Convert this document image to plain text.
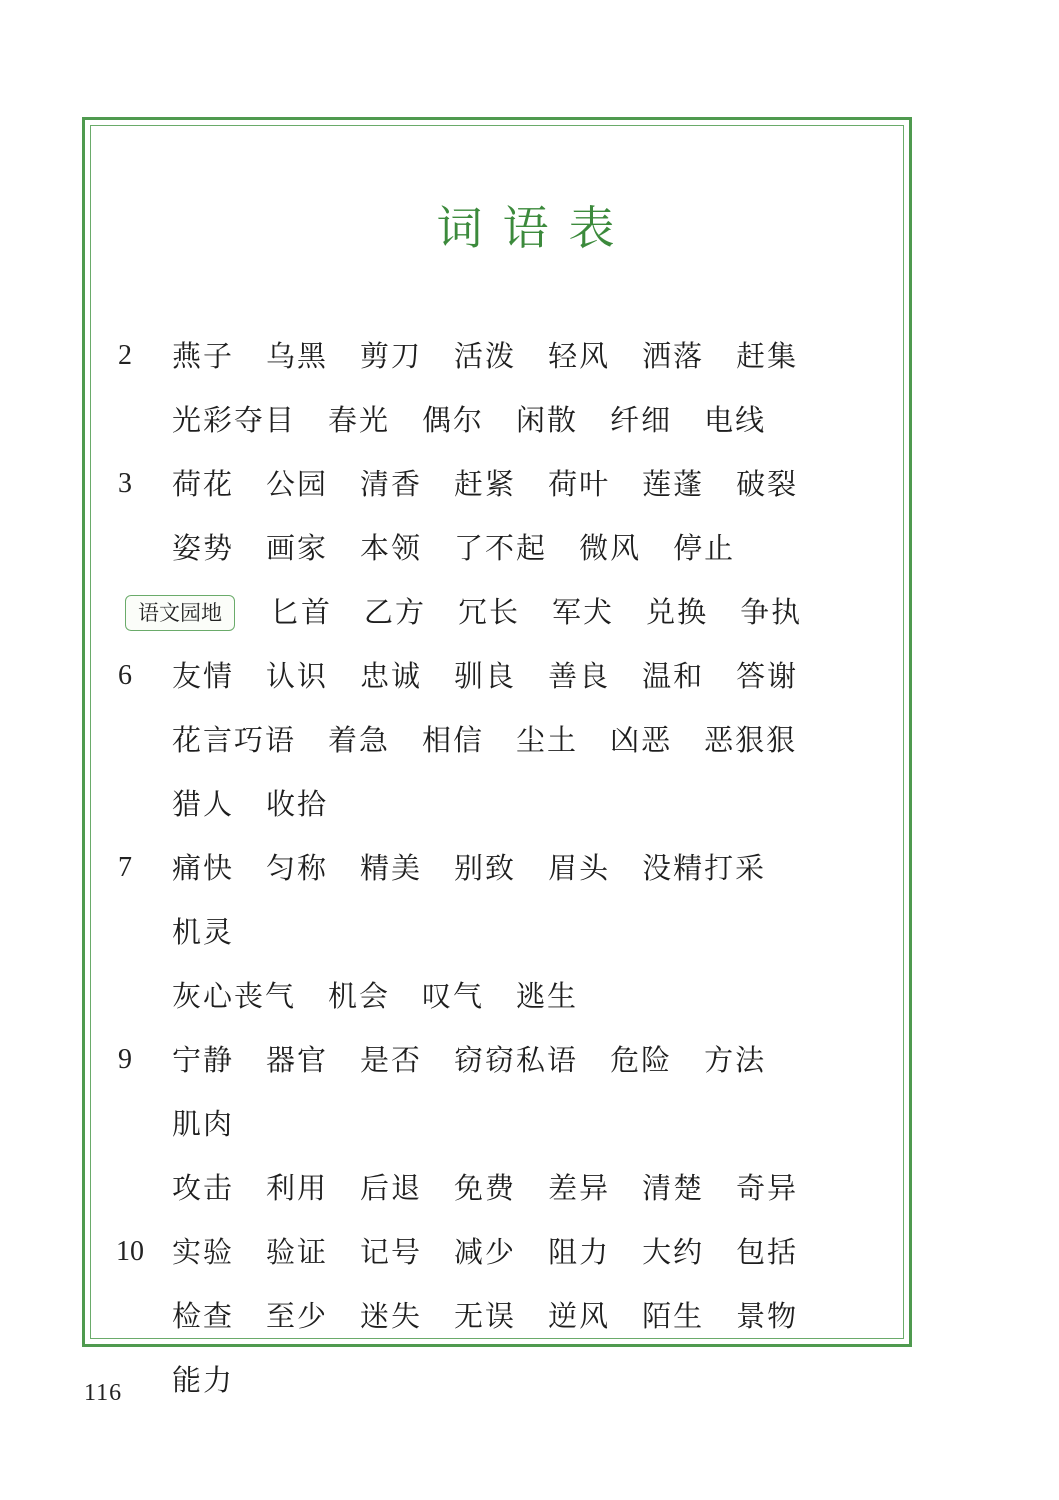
词语表
2 燕子 乌黑 剪刀 活泼 轻风 洒落 赶集
光彩夺目 春光 偶尔 闲散 纤细 电线
3 荷花 公园 清香 赶紧 荷叶 莲蓬 破裂
姿势 画家 本领 了不起 微风 停止
语文园地	匕首 乙方 冗长 军犬 兑换 争执
6 友情 认识 忠诚 驯良 善良 温和 答谢
花言巧语 着急 相信 尘土 凶恶 恶狠狠
猎人 收拾
7 痛快 匀称 精美 别致 眉头 没精打采
机灵
灰心丧气 机会 叹气 逃生
9 宁静 器官 是否 窃窃私语 危险 方法
肌肉
攻击 利用 后退 免费 差异 清楚 奇异
10 实验 验证 记号 减少 阻力 大约 包括
检查 至少 迷失 无误 逆风 陌生 景物
能力
116
